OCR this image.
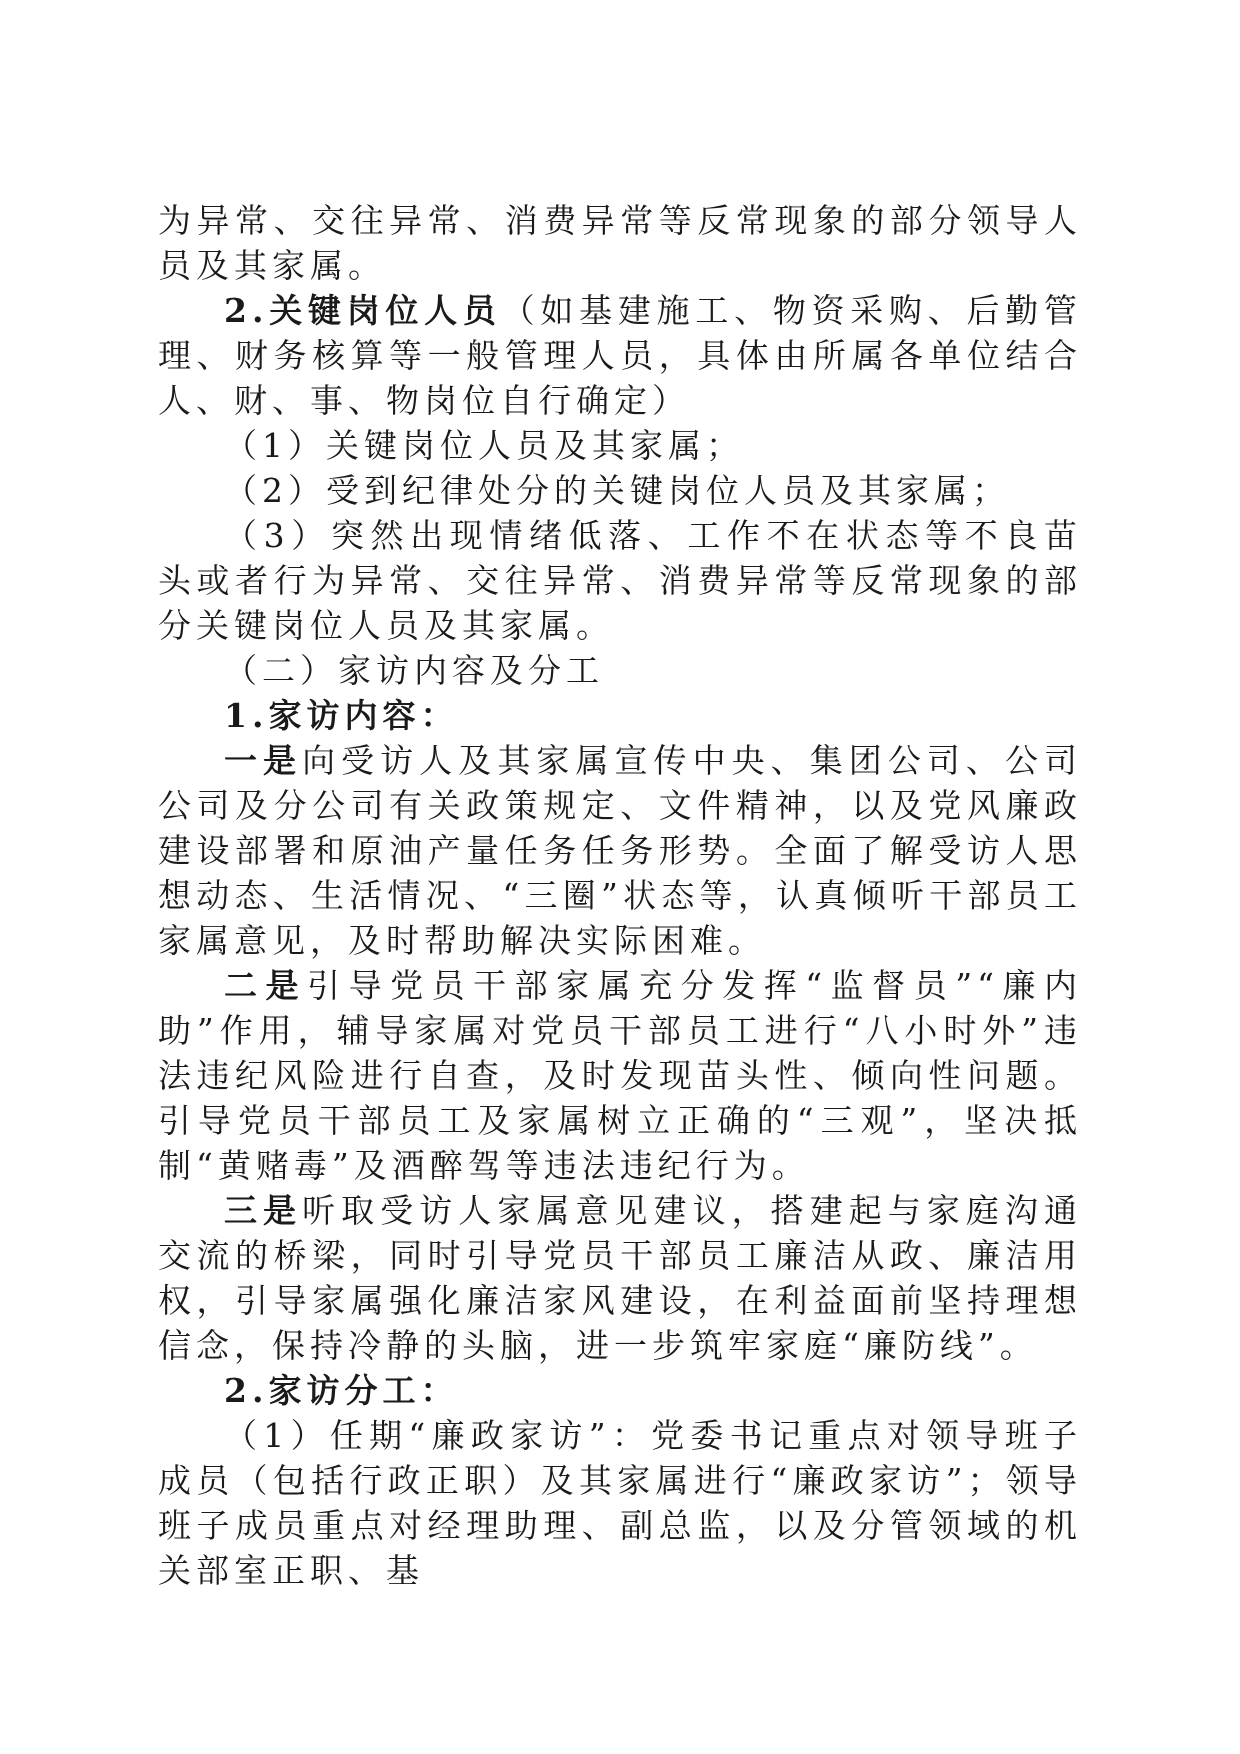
为异常、交往异常、消费异常等反常现象的部分领导人员及其家属。

2.关键岗位人员（如基建施工、物资采购、后勤管理、财务核算等一般管理人员，具体由所属各单位结合人、财、事、物岗位自行确定）

（1）关键岗位人员及其家属；

（2）受到纪律处分的关键岗位人员及其家属；

（3）突然出现情绪低落、工作不在状态等不良苗头或者行为异常、交往异常、消费异常等反常现象的部分关键岗位人员及其家属。

（二）家访内容及分工

1.家访内容：

一是向受访人及其家属宣传中央、集团公司、公司公司及分公司有关政策规定、文件精神，以及党风廉政建设部署和原油产量任务任务形势。全面了解受访人思想动态、生活情况、“三圈”状态等，认真倾听干部员工家属意见，及时帮助解决实际困难。

二是引导党员干部家属充分发挥“监督员”“廉内助”作用，辅导家属对党员干部员工进行“八小时外”违法违纪风险进行自查，及时发现苗头性、倾向性问题。引导党员干部员工及家属树立正确的“三观”，坚决抵制“黄赌毒”及酒醉驾等违法违纪行为。

三是听取受访人家属意见建议，搭建起与家庭沟通交流的桥梁，同时引导党员干部员工廉洁从政、廉洁用权，引导家属强化廉洁家风建设，在利益面前坚持理想信念，保持冷静的头脑，进一步筑牢家庭“廉防线”。

2.家访分工：

（1）任期“廉政家访”：党委书记重点对领导班子成员（包括行政正职）及其家属进行“廉政家访”；领导班子成员重点对经理助理、副总监，以及分管领域的机关部室正职、基
